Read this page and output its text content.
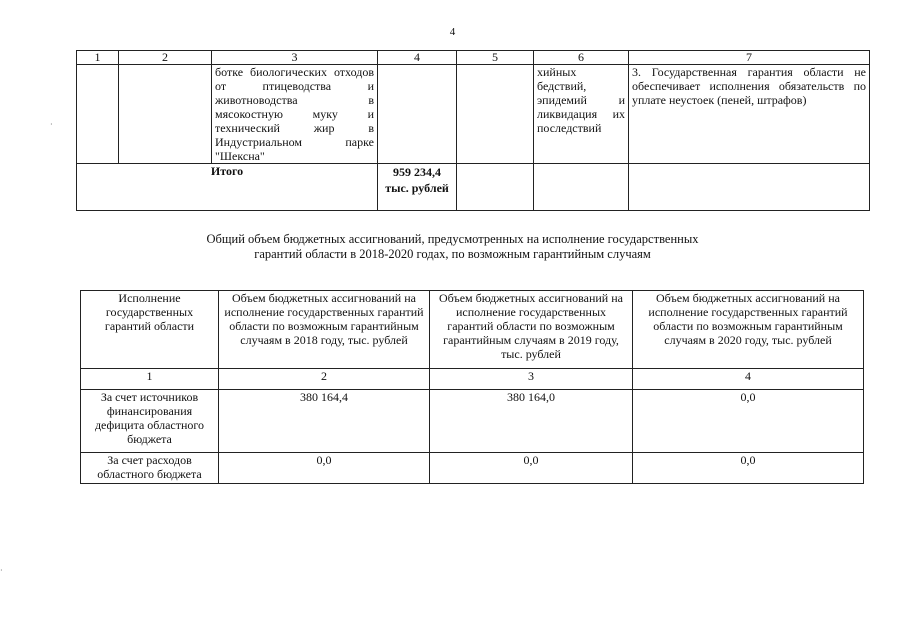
4
1	2	3	4	5	6	7
		ботке биологических отходов от птицеводства и животноводства в мясокостную муку и технический жир в Индустриальном парке "Шексна"			хийных бедствий, эпидемий и ликвидация их последствий	3. Государственная гарантия области не обеспечивает исполнения обязательств по уплате неустоек (пеней, штрафов)
Итого			959 234,4
тыс. рублей			

Общий объем бюджетных ассигнований, предусмотренных на исполнение государственных
гарантий области в 2018-2020 годах, по возможным гарантийным случаям
Исполнение государственных гарантий области	Объем бюджетных ассигнований на исполнение государственных гарантий области по возможным гарантийным случаям в 2018 году, тыс. рублей	Объем бюджетных ассигнований на исполнение государственных гарантий области по возможным гарантийным случаям в 2019 году, тыс. рублей	Объем бюджетных ассигнований на исполнение государственных гарантий области по возможным гарантийным случаям в 2020 году, тыс. рублей
1	2	3	4
За счет источников финансирования дефицита областного бюджета	380 164,4	380 164,0	0,0
За счет расходов областного бюджета	0,0	0,0	0,0
·
·
